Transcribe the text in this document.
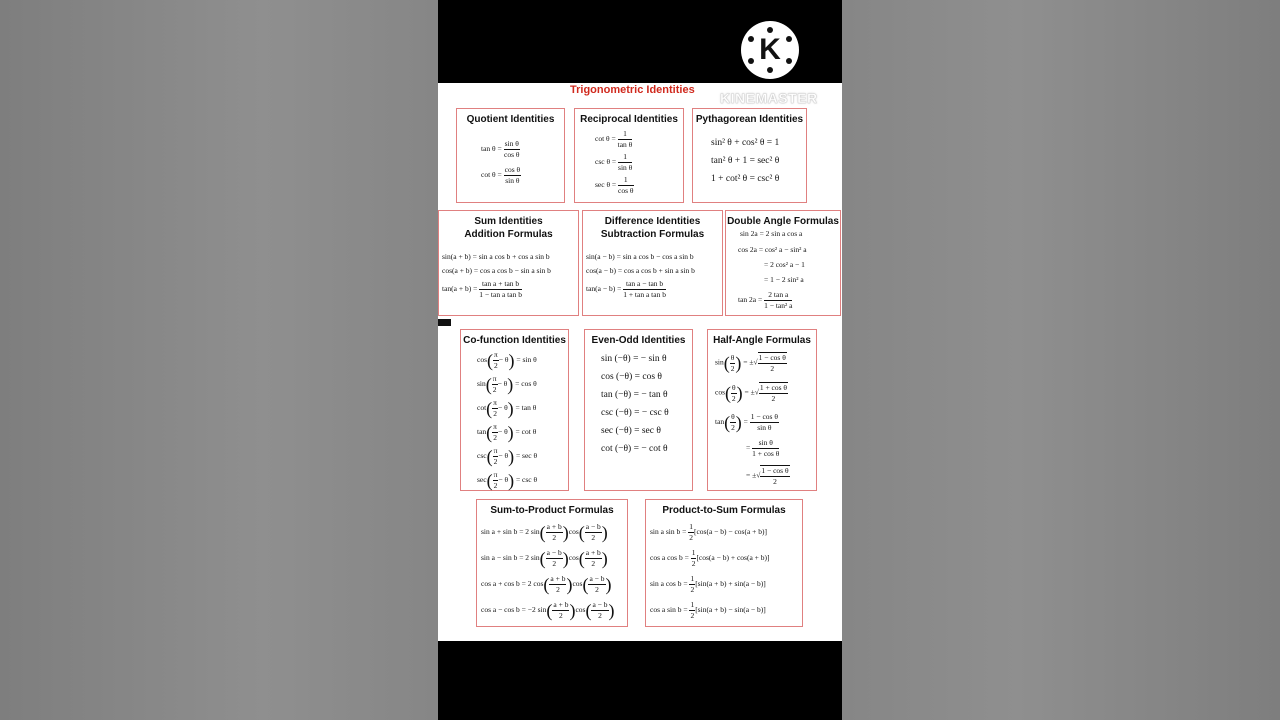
K
Trigonometric Identities
Quotient Identities
$\tan \theta = \frac{\text{sin θ}}{\text{cos θ}}$
$\cot \theta = \frac{\text{cos θ}}{\text{sin θ}}$
Reciprocal Identities
$\cot \theta = \frac{1}{\text{tan θ}}$
$\csc \theta = \frac{1}{\text{sin θ}}$
$\sec \theta = \frac{1}{\text{cos θ}}$
Pythagorean Identities
sin² θ + cos² θ = 1
tan² θ + 1 = sec² θ
1 + cot² θ = csc² θ
Sum Identities
Addition Formulas
sin(a + b) = sin a cos b + cos a sin b
cos(a + b) = cos a cos b − sin a sin b
$\tan(a + b) = \frac{\text{tan a + tan b}}{\text{1 − tan a tan b}}$
Difference Identities
Subtraction Formulas
sin(a − b) = sin a cos b − cos a sin b
cos(a − b) = cos a cos b + sin a sin b
$\tan(a - b) = \frac{\text{tan a − tan b}}{\text{1 + tan a tan b}}$
Double Angle Formulas
sin 2a = 2 sin a cos a
cos 2a = cos² a − sin² a
= 2 cos² a − 1
= 1 − 2 sin² a
$\tan 2a = \frac{\text{2 tan a}}{\text{1 − tan² a}}$
Co-function Identities
$\cos( \frac{\pi}{2} - \theta) = \sin \theta$
$\sin( \frac{\pi}{2} - \theta) = \cos \theta$
$\cot( \frac{\pi}{2} - \theta) = \tan \theta$
$\tan( \frac{\pi}{2} - \theta) = \cot \theta$
$\csc( \frac{\pi}{2} - \theta) = \sec \theta$
$\sec( \frac{\pi}{2} - \theta) = \csc \theta$
Even-Odd Identities
sin (−θ) = − sin θ
cos (−θ) = cos θ
tan (−θ) = − tan θ
csc (−θ) = − csc θ
sec (−θ) = sec θ
cot (−θ) = − cot θ
Half-Angle Formulas
$\sin( \frac{\theta}{2}$ ) = ±√ $\frac{\text{1 − cos θ}}{2}$
$\cos( \frac{\theta}{2}$ ) = ±√ $\frac{\text{1 + cos θ}}{2}$
$\tan( \frac{\theta}{2}$ ) = $\frac{\text{1 − cos θ}}{\text{sin θ}}$
= $\frac{\text{sin θ}}{\text{1 + cos θ}}$
= ±√ $\frac{\text{1 − cos θ}}{2}$
Sum-to-Product Formulas
sin a + sin b = 2 $\sin( \frac{a + b}{2} )\cos( \frac{a - b}{2}$ )
sin a − sin b = 2 $\sin( \frac{a - b}{2} )\cos( \frac{a + b}{2}$ )
cos a + cos b = 2 $\cos( \frac{a + b}{2} )\cos( \frac{a - b}{2}$ )
cos a − cos b = −2 $\sin( \frac{a + b}{2} )\cos( \frac{a - b}{2}$ )
Product-to-Sum Formulas
sin a $\sin b = \frac{1}{2} [\cos(a - b) - \cos(a + b)]$
cos a $\cos b = \frac{1}{2} [\cos(a - b) + \cos(a + b)]$
sin a $\cos b = \frac{1}{2} [\sin(a + b) + \sin(a - b)]$
cos a $\sin b = \frac{1}{2} [\sin(a + b) - \sin(a - b)]$
KINEMASTER
